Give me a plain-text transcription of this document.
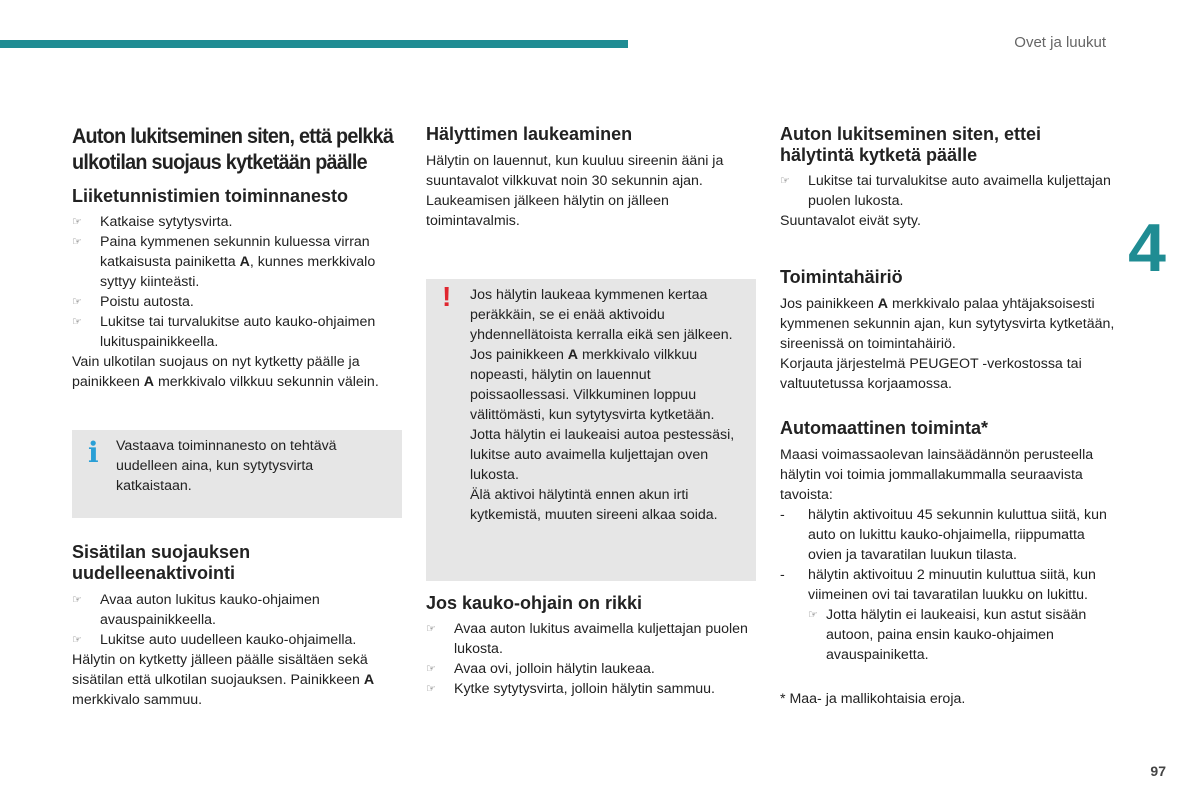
Ovet ja luukut
4
97
Auton lukitseminen siten, että pelkkä ulkotilan suojaus kytketään päälle
Liiketunnistimien toiminnanesto
☞ Katkaise sytytysvirta.
☞ Paina kymmenen sekunnin kuluessa virran katkaisusta painiketta A, kunnes merkkivalo syttyy kiinteästi.
☞ Poistu autosta.
☞ Lukitse tai turvalukitse auto kauko-ohjaimen lukituspainikkeella.

Vain ulkotilan suojaus on nyt kytketty päälle ja painikkeen A merkkivalo vilkkuu sekunnin välein.

i Vastaava toiminnanesto on tehtävä uudelleen aina, kun sytytysvirta katkaistaan.

Sisätilan suojauksen uudelleenaktivointi
☞ Avaa auton lukitus kauko-ohjaimen avauspainikkeella.
☞ Lukitse auto uudelleen kauko-ohjaimella.

Hälytin on kytketty jälleen päälle sisältäen sekä sisätilan että ulkotilan suojauksen. Painikkeen A merkkivalo sammuu.

Hälyttimen laukeaminen

Hälytin on lauennut, kun kuuluu sireenin ääni ja suuntavalot vilkkuvat noin 30 sekunnin ajan. Laukeamisen jälkeen hälytin on jälleen toimintavalmis.

! Jos hälytin laukeaa kymmenen kertaa peräkkäin, se ei enää aktivoidu yhdennellätoista kerralla eikä sen jälkeen.

Jos painikkeen A merkkivalo vilkkuu nopeasti, hälytin on lauennut poissaollessasi. Vilkkuminen loppuu välittömästi, kun sytytysvirta kytketään.

Jotta hälytin ei laukeaisi autoa pestessäsi, lukitse auto avaimella kuljettajan oven lukosta.

Älä aktivoi hälytintä ennen akun irti kytkemistä, muuten sireeni alkaa soida.

Jos kauko-ohjain on rikki
☞ Avaa auton lukitus avaimella kuljettajan puolen lukosta.
☞ Avaa ovi, jolloin hälytin laukeaa.
☞ Kytke sytytysvirta, jolloin hälytin sammuu.
Auton lukitseminen siten, ettei hälytintä kytketä päälle
☞ Lukitse tai turvalukitse auto avaimella kuljettajan puolen lukosta.

Suuntavalot eivät syty.

Toimintahäiriö

Jos painikkeen A merkkivalo palaa yhtäjaksoisesti kymmenen sekunnin ajan, kun sytytysvirta kytketään, sireenissä on toimintahäiriö.

Korjauta järjestelmä PEUGEOT -verkostossa tai valtuutetussa korjaamossa.

Automaattinen toiminta*

Maasi voimassaolevan lainsäädännön perusteella hälytin voi toimia jommallakummalla seuraavista tavoista:

- hälytin aktivoituu 45 sekunnin kuluttua siitä, kun auto on lukittu kauko-ohjaimella, riippumatta ovien ja tavaratilan luukun tilasta.
- hälytin aktivoituu 2 minuutin kuluttua siitä, kun viimeinen ovi tai tavaratilan luukku on lukittu.
☞ Jotta hälytin ei laukeaisi, kun astut sisään autoon, paina ensin kauko-ohjaimen avauspainiketta.

* Maa- ja mallikohtaisia eroja.
